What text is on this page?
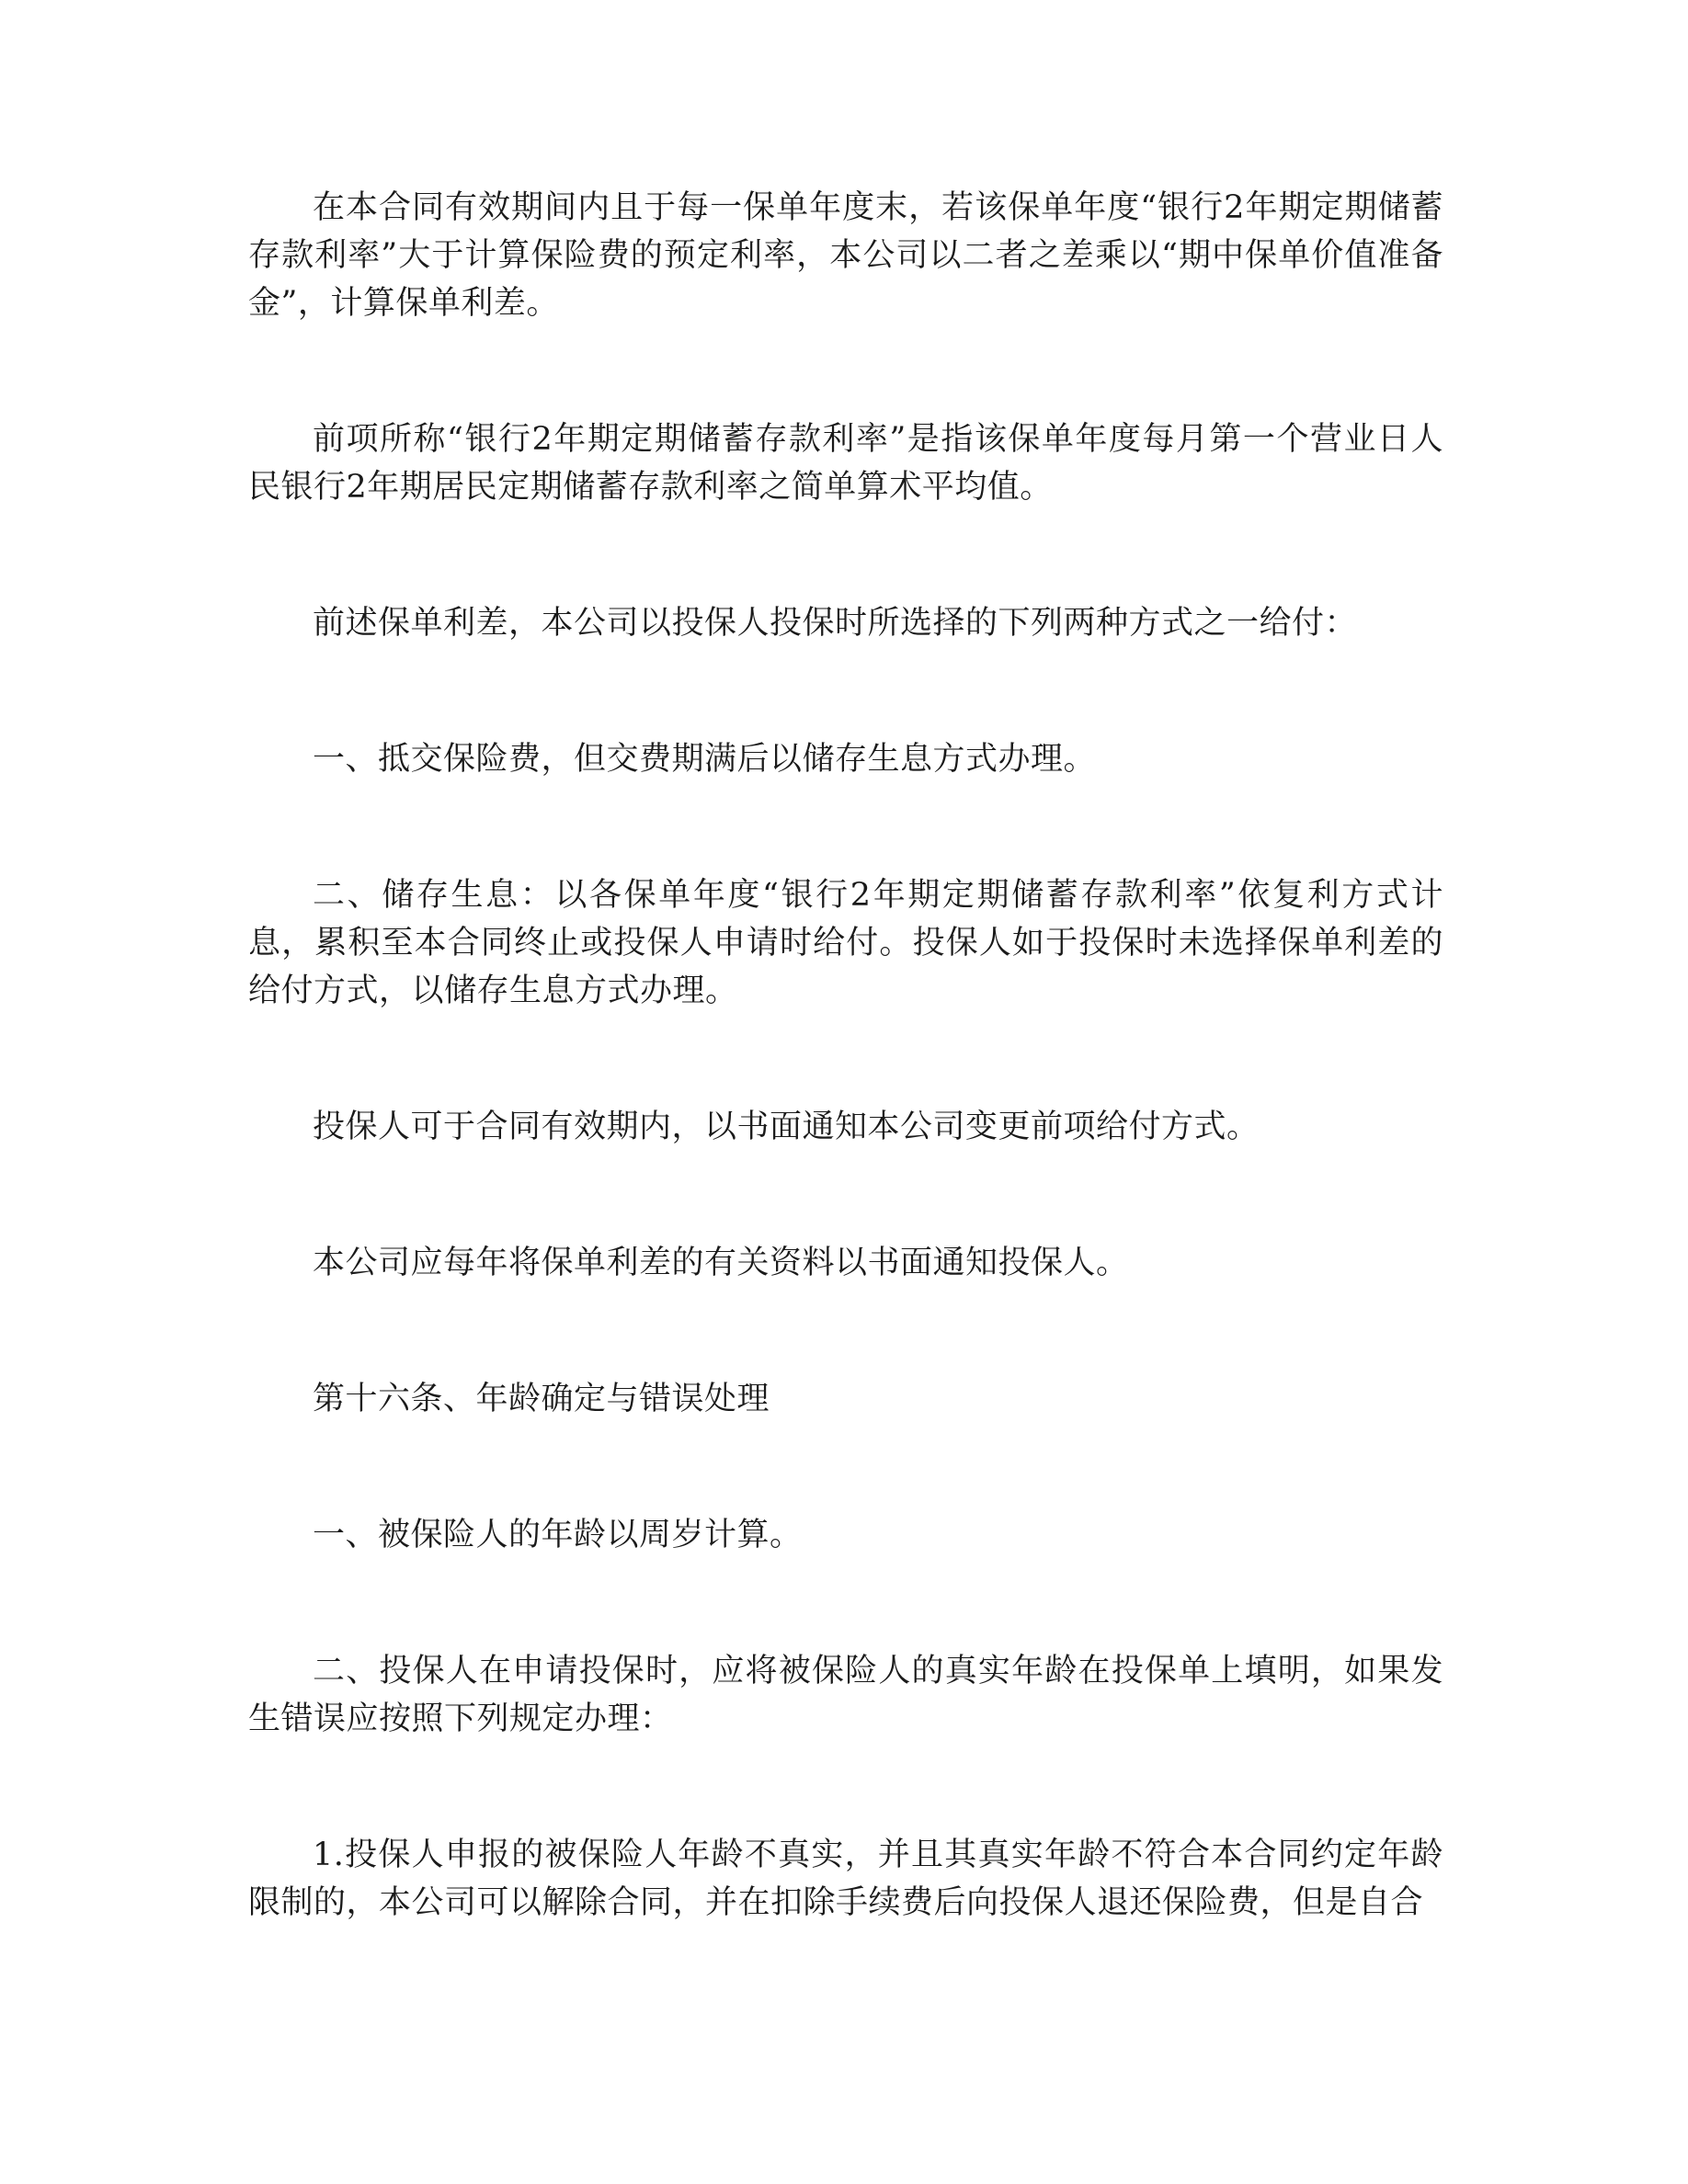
在本合同有效期间内且于每一保单年度末，若该保单年度“银行2年期定期储蓄存款利率”大于计算保险费的预定利率，本公司以二者之差乘以“期中保单价值准备金”，计算保单利差。

前项所称“银行2年期定期储蓄存款利率”是指该保单年度每月第一个营业日人民银行2年期居民定期储蓄存款利率之简单算术平均值。

前述保单利差，本公司以投保人投保时所选择的下列两种方式之一给付：

一、抵交保险费，但交费期满后以储存生息方式办理。

二、储存生息：以各保单年度“银行2年期定期储蓄存款利率”依复利方式计息，累积至本合同终止或投保人申请时给付。投保人如于投保时未选择保单利差的给付方式，以储存生息方式办理。

投保人可于合同有效期内，以书面通知本公司变更前项给付方式。

本公司应每年将保单利差的有关资料以书面通知投保人。

第十六条、年龄确定与错误处理

一、被保险人的年龄以周岁计算。

二、投保人在申请投保时，应将被保险人的真实年龄在投保单上填明，如果发生错误应按照下列规定办理：

1.投保人申报的被保险人年龄不真实，并且其真实年龄不符合本合同约定年龄限制的，本公司可以解除合同，并在扣除手续费后向投保人退还保险费，但是自合
